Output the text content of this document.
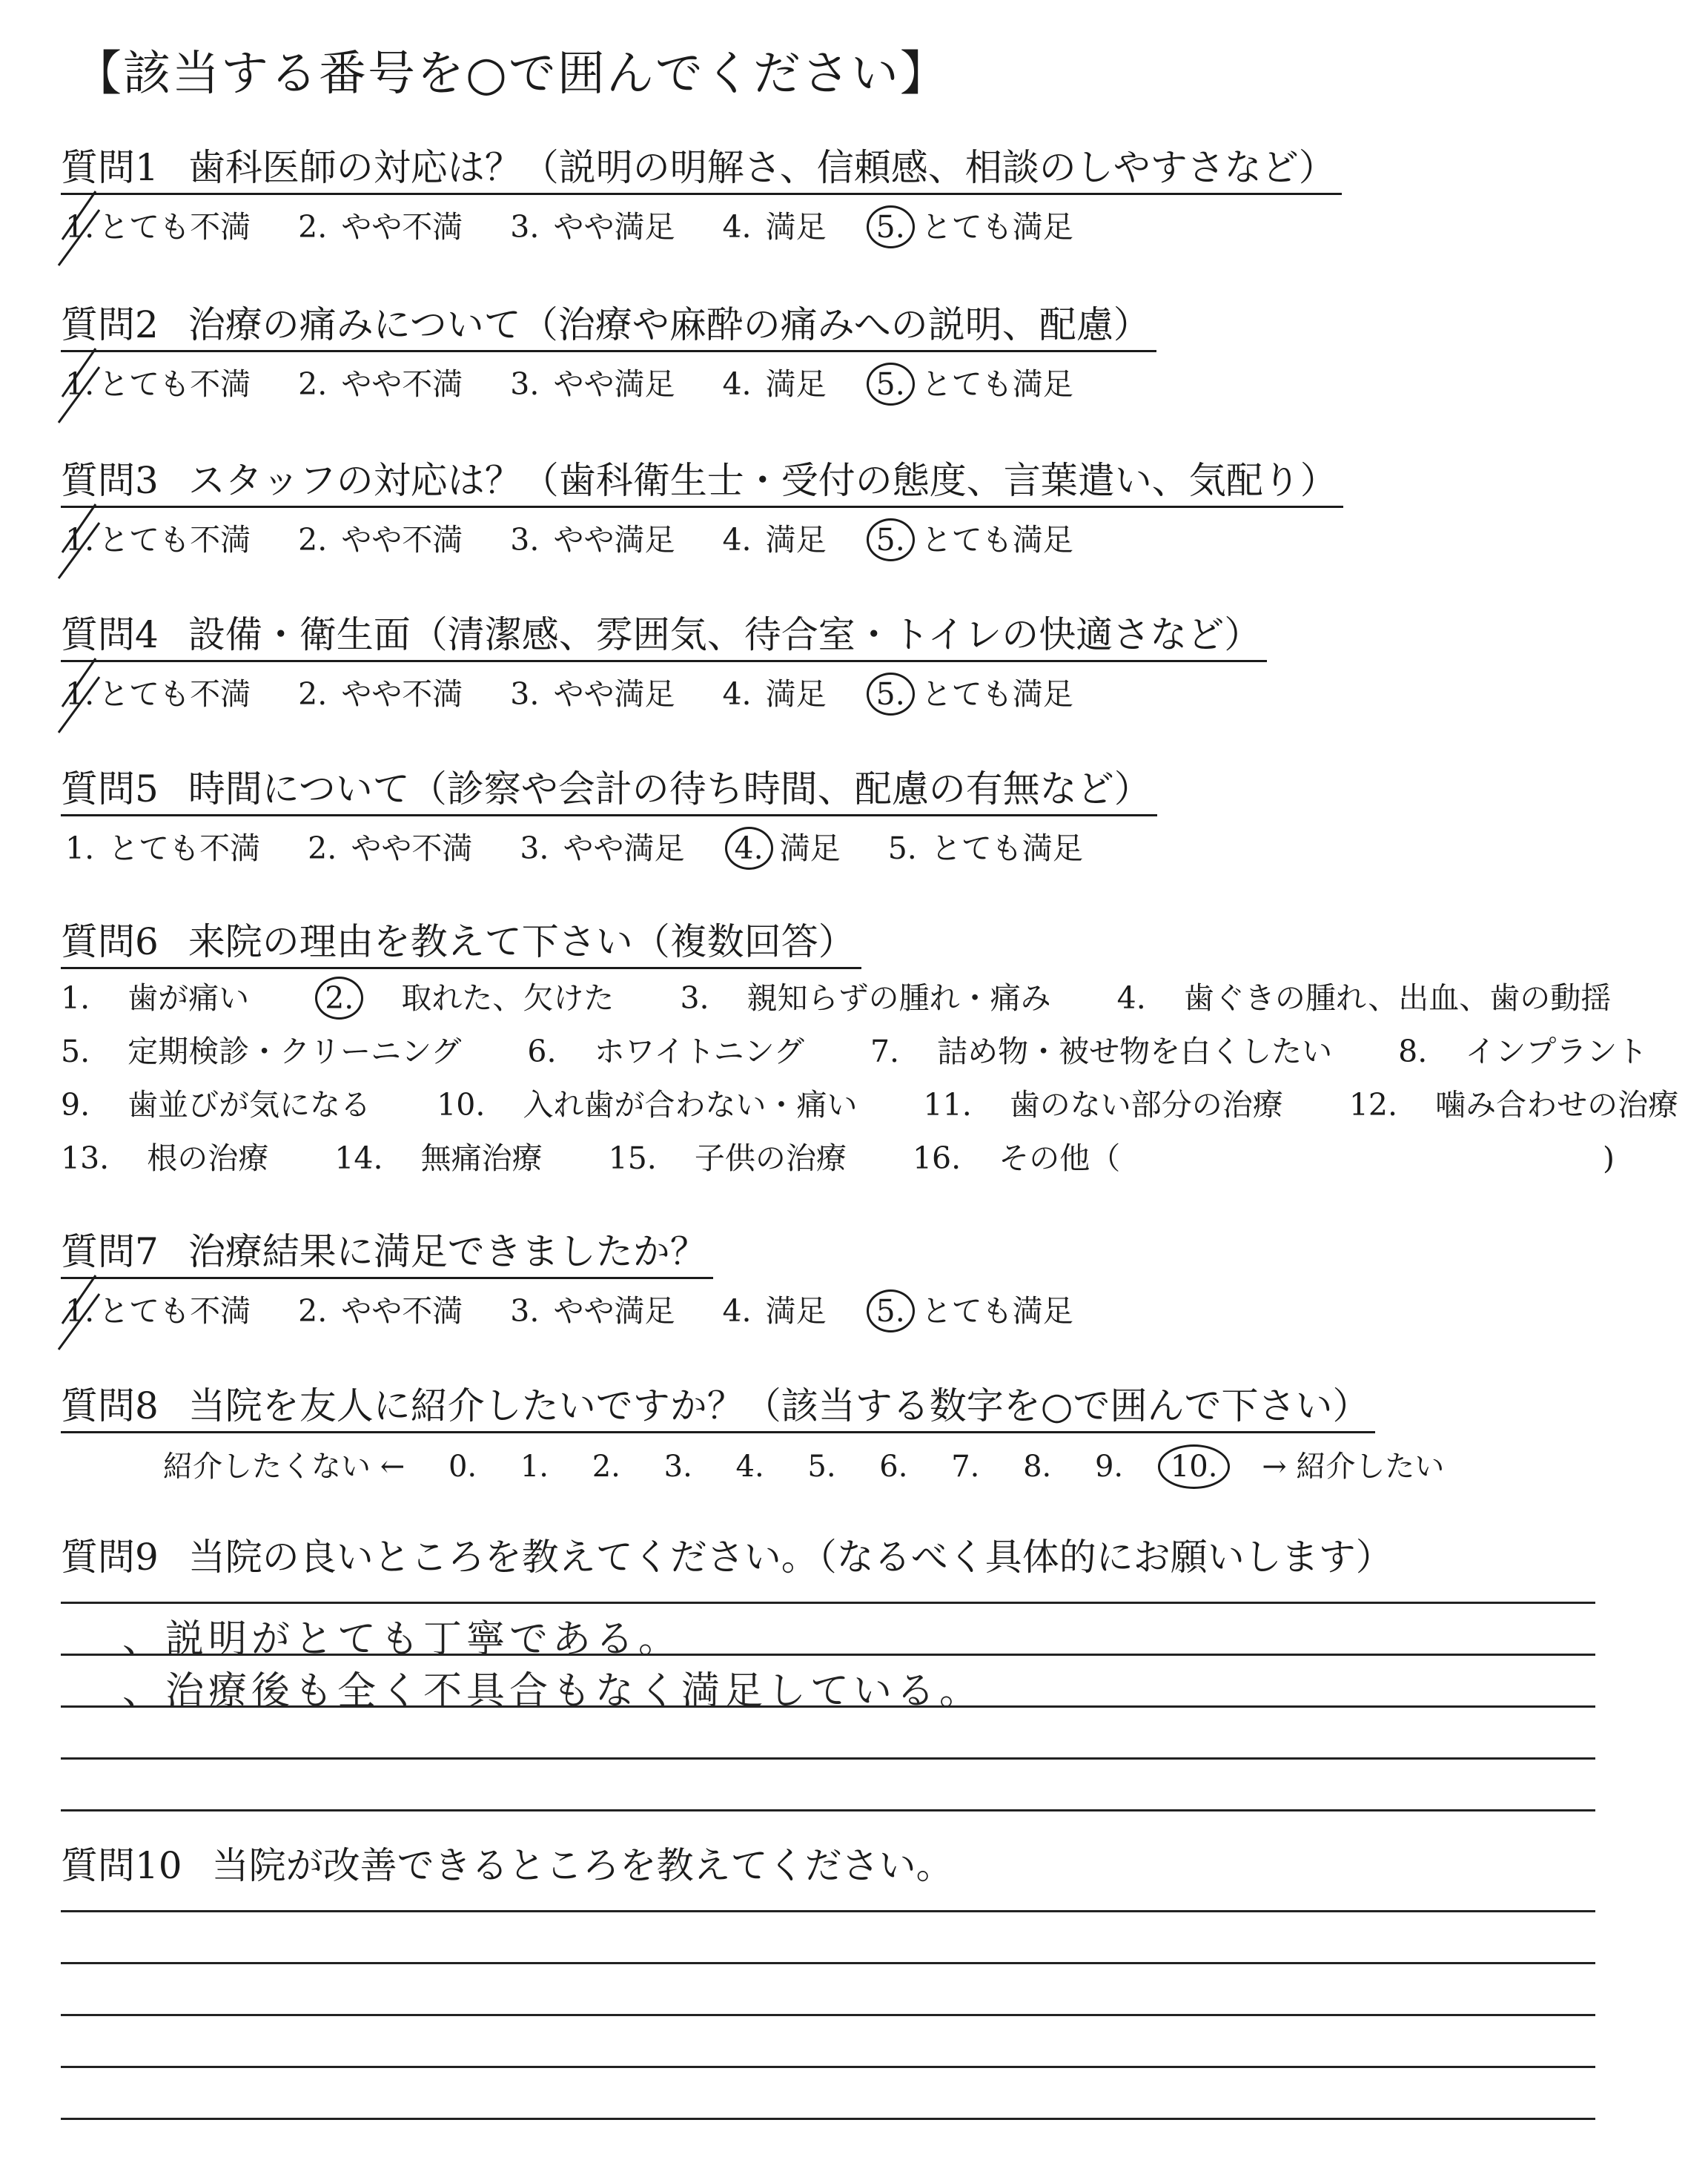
【該当する番号を○で囲んでください】
質問1 歯科医師の対応は？（説明の明解さ、信頼感、相談のしやすさなど）
1. とても不満 2. やや不満 3. やや満足 4. 満足 5. とても満足
質問2 治療の痛みについて（治療や麻酔の痛みへの説明、配慮）
1. とても不満 2. やや不満 3. やや満足 4. 満足 5. とても満足
質問3 スタッフの対応は？（歯科衛生士・受付の態度、言葉遣い、気配り）
1. とても不満 2. やや不満 3. やや満足 4. 満足 5. とても満足
質問4 設備・衛生面（清潔感、雰囲気、待合室・トイレの快適さなど）
1. とても不満 2. やや不満 3. やや満足 4. 満足 5. とても満足
質問5 時間について（診察や会計の待ち時間、配慮の有無など）
1. とても不満 2. やや不満 3. やや満足 4. 満足 5. とても満足
質問6 来院の理由を教えて下さい（複数回答）
1. 歯が痛い 2. 取れた、欠けた 3. 親知らずの腫れ・痛み 4. 歯ぐきの腫れ、出血、歯の動揺
5. 定期検診・クリーニング 6. ホワイトニング 7. 詰め物・被せ物を白くしたい 8. インプラント
9. 歯並びが気になる 10. 入れ歯が合わない・痛い 11. 歯のない部分の治療 12. 噛み合わせの治療
13. 根の治療 14. 無痛治療 15. 子供の治療 16. その他（	)
質問7 治療結果に満足できましたか？
1. とても不満 2. やや不満 3. やや満足 4. 満足 5. とても満足
質問8 当院を友人に紹介したいですか？（該当する数字を○で囲んで下さい）
紹介したくない ← 0. 1. 2. 3. 4. 5. 6. 7. 8. 9. 10. → 紹介したい
質問9 当院の良いところを教えてください。（なるべく具体的にお願いします）
、説明がとても丁寧である。
、治療後も全く不具合もなく満足している。
質問10 当院が改善できるところを教えてください。
